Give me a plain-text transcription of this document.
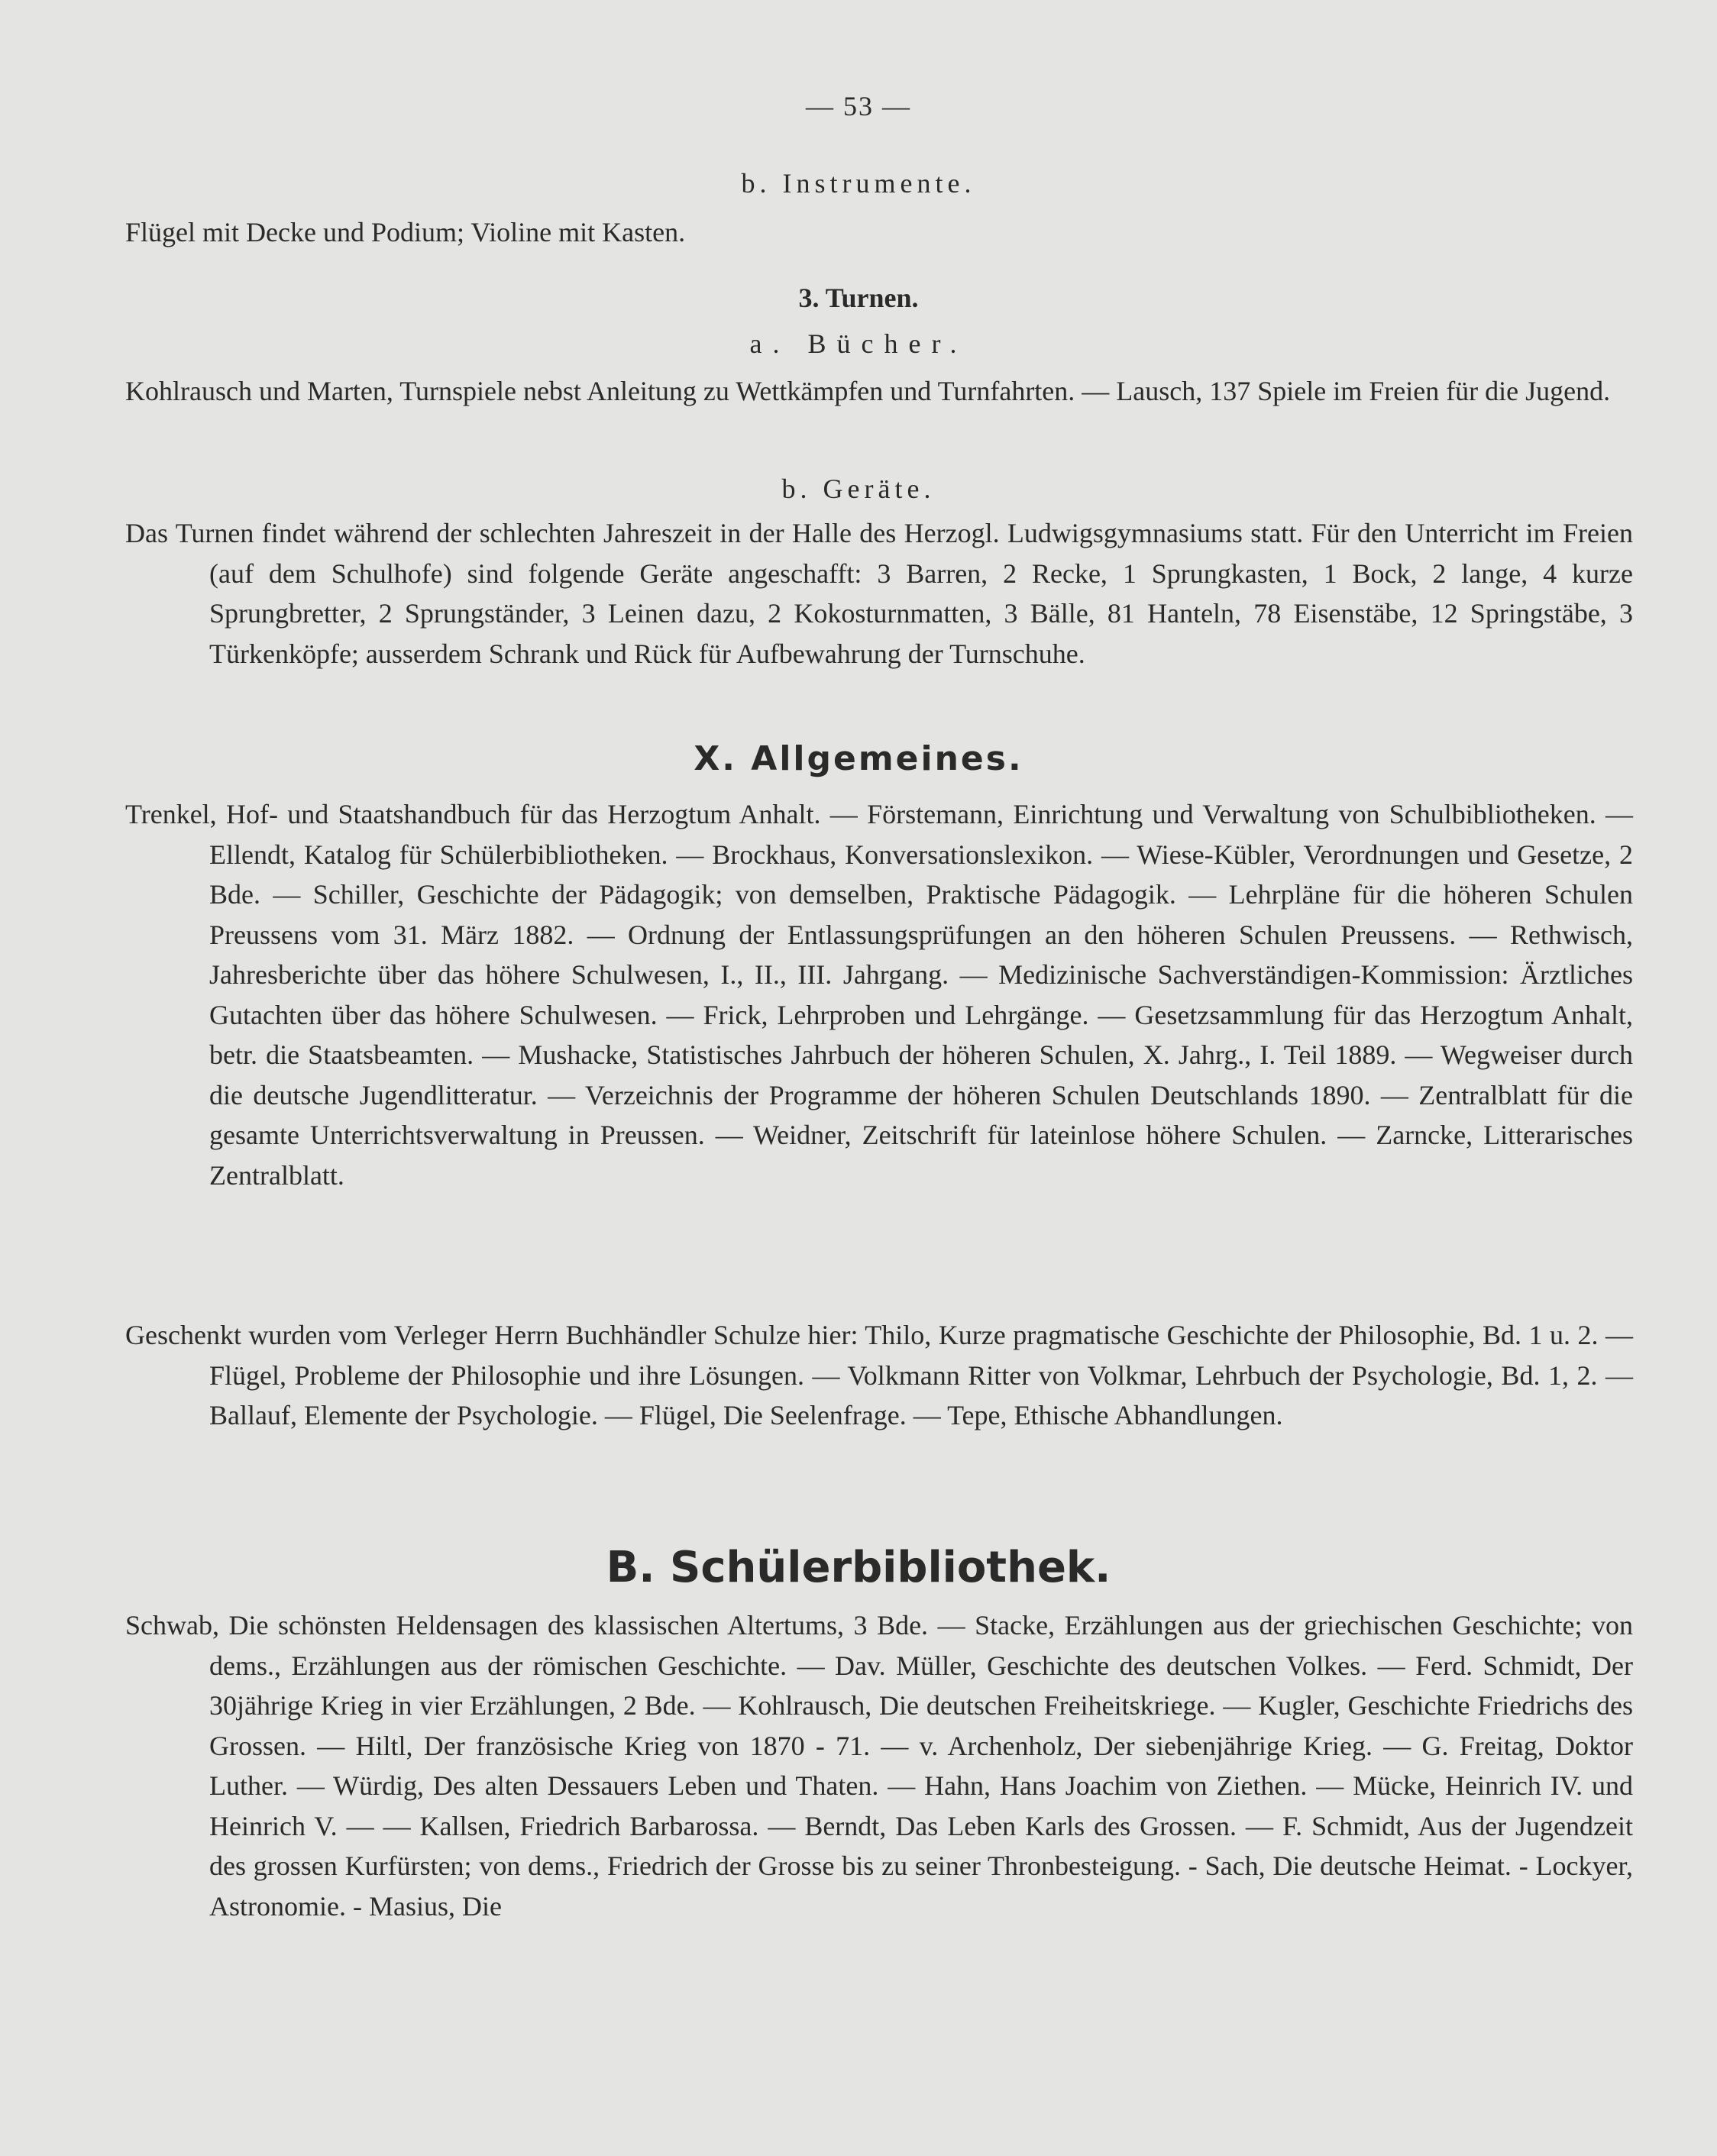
— 53 —
b. Instrumente.
Flügel mit Decke und Podium; Violine mit Kasten.
3. Turnen.
a. Bücher.
Kohlrausch und Marten, Turnspiele nebst Anleitung zu Wettkämpfen und Turnfahrten. — Lausch, 137 Spiele im Freien für die Jugend.
b. Geräte.
Das Turnen findet während der schlechten Jahreszeit in der Halle des Herzogl. Ludwigsgymnasiums statt. Für den Unterricht im Freien (auf dem Schulhofe) sind folgende Geräte angeschafft: 3 Barren, 2 Recke, 1 Sprungkasten, 1 Bock, 2 lange, 4 kurze Sprungbretter, 2 Sprungständer, 3 Leinen dazu, 2 Kokosturnmatten, 3 Bälle, 81 Hanteln, 78 Eisenstäbe, 12 Springstäbe, 3 Türkenköpfe; ausserdem Schrank und Rück für Aufbewahrung der Turnschuhe.
X. Allgemeines.
Trenkel, Hof- und Staatshandbuch für das Herzogtum Anhalt. — Förstemann, Einrichtung und Verwaltung von Schulbibliotheken. — Ellendt, Katalog für Schülerbibliotheken. — Brockhaus, Konversationslexikon. — Wiese-Kübler, Verordnungen und Gesetze, 2 Bde. — Schiller, Geschichte der Pädagogik; von demselben, Praktische Pädagogik. — Lehrpläne für die höheren Schulen Preussens vom 31. März 1882. — Ordnung der Entlassungsprüfungen an den höheren Schulen Preussens. — Rethwisch, Jahresberichte über das höhere Schulwesen, I., II., III. Jahrgang. — Medizinische Sachverständigen-Kommission: Ärztliches Gutachten über das höhere Schulwesen. — Frick, Lehrproben und Lehrgänge. — Gesetzsammlung für das Herzogtum Anhalt, betr. die Staatsbeamten. — Mushacke, Statistisches Jahrbuch der höheren Schulen, X. Jahrg., I. Teil 1889. — Wegweiser durch die deutsche Jugendlitteratur. — Verzeichnis der Programme der höheren Schulen Deutschlands 1890. — Zentralblatt für die gesamte Unterrichtsverwaltung in Preussen. — Weidner, Zeitschrift für lateinlose höhere Schulen. — Zarncke, Litterarisches Zentralblatt.
Geschenkt wurden vom Verleger Herrn Buchhändler Schulze hier: Thilo, Kurze pragmatische Geschichte der Philosophie, Bd. 1 u. 2. — Flügel, Probleme der Philosophie und ihre Lösungen. — Volkmann Ritter von Volkmar, Lehrbuch der Psychologie, Bd. 1, 2. — Ballauf, Elemente der Psychologie. — Flügel, Die Seelenfrage. — Tepe, Ethische Abhandlungen.
B. Schülerbibliothek.
Schwab, Die schönsten Heldensagen des klassischen Altertums, 3 Bde. — Stacke, Erzählungen aus der griechischen Geschichte; von dems., Erzählungen aus der römischen Geschichte. — Dav. Müller, Geschichte des deutschen Volkes. — Ferd. Schmidt, Der 30jährige Krieg in vier Erzählungen, 2 Bde. — Kohlrausch, Die deutschen Freiheitskriege. — Kugler, Geschichte Friedrichs des Grossen. — Hiltl, Der französische Krieg von 1870 - 71. — v. Archenholz, Der siebenjährige Krieg. — G. Freitag, Doktor Luther. — Würdig, Des alten Dessauers Leben und Thaten. — Hahn, Hans Joachim von Ziethen. — Mücke, Heinrich IV. und Heinrich V. — — Kallsen, Friedrich Barbarossa. — Berndt, Das Leben Karls des Grossen. — F. Schmidt, Aus der Jugendzeit des grossen Kurfürsten; von dems., Friedrich der Grosse bis zu seiner Thronbesteigung. - Sach, Die deutsche Heimat. - Lockyer, Astronomie. - Masius, Die
